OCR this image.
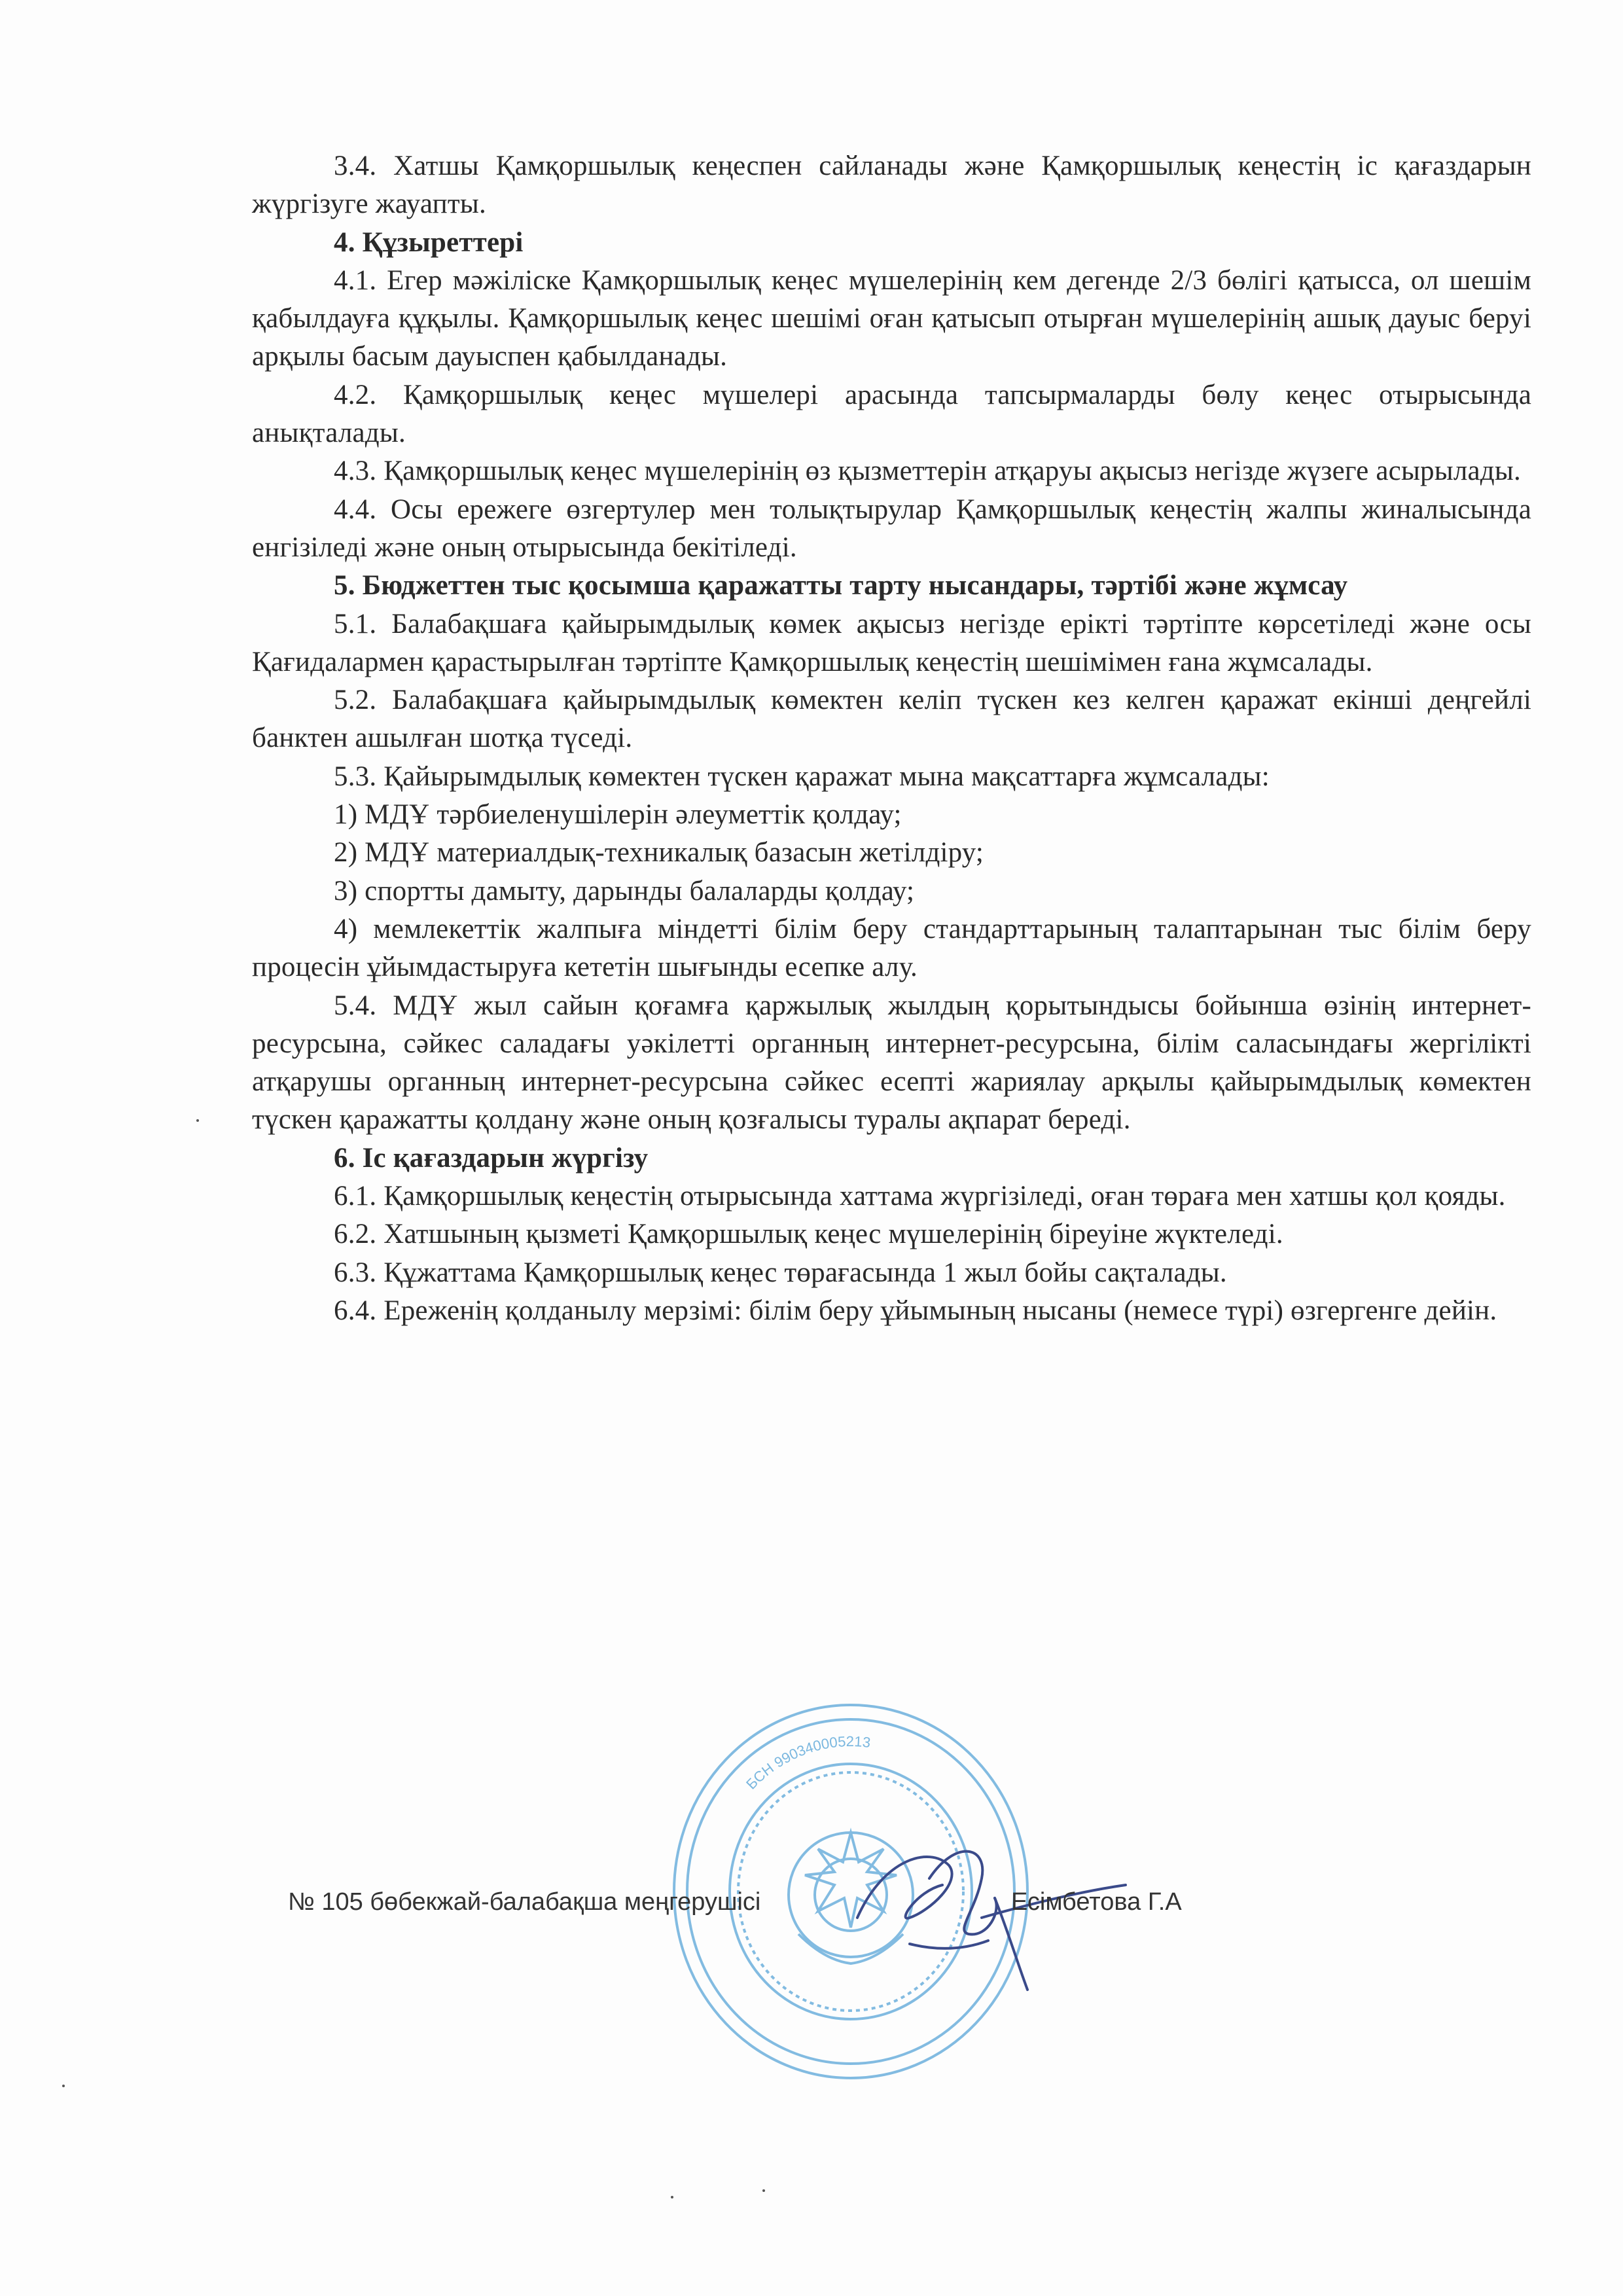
3.4. Хатшы Қамқоршылық кеңеспен сайланады және Қамқоршылық кеңестің іс қағаздарын жүргізуге жауапты.

4. Құзыреттері

4.1. Егер мәжіліске Қамқоршылық кеңес мүшелерінің кем дегенде 2/3 бөлігі қатысса, ол шешім қабылдауға құқылы. Қамқоршылық кеңес шешімі оған қатысып отырған мүшелерінің ашық дауыс беруі арқылы басым дауыспен қабылданады.

4.2. Қамқоршылық кеңес мүшелері арасында тапсырмаларды бөлу кеңес отырысында анықталады.

4.3. Қамқоршылық кеңес мүшелерінің өз қызметтерін атқаруы ақысыз негізде жүзеге асырылады.

4.4. Осы ережеге өзгертулер мен толықтырулар Қамқоршылық кеңестің жалпы жиналысында енгізіледі және оның отырысында бекітіледі.

5. Бюджеттен тыс қосымша қаражатты тарту нысандары, тәртібі және жұмсау

5.1. Балабақшаға қайырымдылық көмек ақысыз негізде ерікті тәртіпте көрсетіледі және осы Қағидалармен қарастырылған тәртіпте Қамқоршылық кеңестің шешімімен ғана жұмсалады.

5.2. Балабақшаға қайырымдылық көмектен келіп түскен кез келген қаражат екінші деңгейлі банктен ашылған шотқа түседі.

5.3. Қайырымдылық көмектен түскен қаражат мына мақсаттарға жұмсалады:

1) МДҰ тәрбиеленушілерін әлеуметтік қолдау;

2) МДҰ материалдық-техникалық базасын жетілдіру;

3) спортты дамыту, дарынды балаларды қолдау;

4) мемлекеттік жалпыға міндетті білім беру стандарттарының талаптарынан тыс білім беру процесін ұйымдастыруға кететін шығынды есепке алу.

5.4. МДҰ жыл сайын қоғамға қаржылық жылдың қорытындысы бойынша өзінің интернет-ресурсына, сәйкес саладағы уәкілетті органның интернет-ресурсына, білім саласындағы жергілікті атқарушы органның интернет-ресурсына сәйкес есепті жариялау арқылы қайырымдылық көмектен түскен қаражатты қолдану және оның қозғалысы туралы ақпарат береді.

6. Іс қағаздарын жүргізу

6.1. Қамқоршылық кеңестің отырысында хаттама жүргізіледі, оған төраға мен хатшы қол қояды.

6.2. Хатшының қызметі Қамқоршылық кеңес мүшелерінің біреуіне жүктеледі.

6.3. Құжаттама Қамқоршылық кеңес төрағасында 1 жыл бойы сақталады.

6.4. Ереженің қолданылу мерзімі: білім беру ұйымының нысаны (немесе түрі) өзгергенге дейін.

БСН 990340005213
№ 105 бөбекжай-балабақша меңгерушісі	Есімбетова Г.А
